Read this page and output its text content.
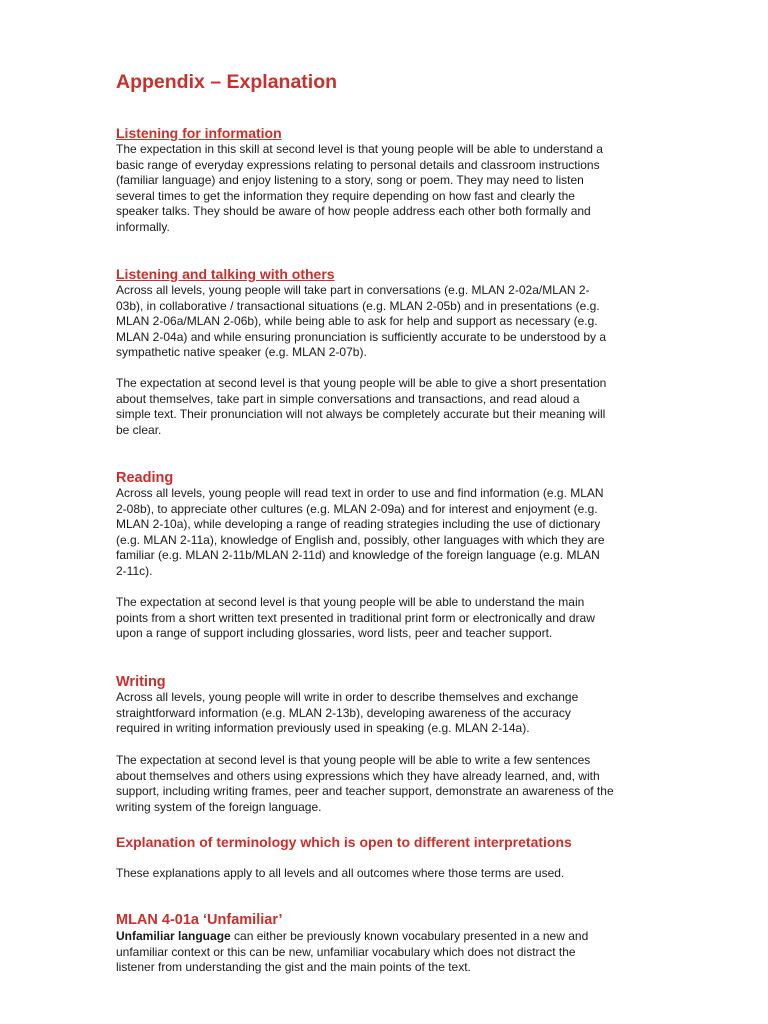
Appendix – Explanation
Listening for information

The expectation in this skill at second level is that young people will be able to understand a
basic range of everyday expressions relating to personal details and classroom instructions
(familiar language) and enjoy listening to a story, song or poem. They may need to listen
several times to get the information they require depending on how fast and clearly the
speaker talks. They should be aware of how people address each other both formally and
informally.

Listening and talking with others

Across all levels, young people will take part in conversations (e.g. MLAN 2-02a/MLAN 2-
03b), in collaborative / transactional situations (e.g. MLAN 2-05b) and in presentations (e.g.
MLAN 2-06a/MLAN 2-06b), while being able to ask for help and support as necessary (e.g.
MLAN 2-04a) and while ensuring pronunciation is sufficiently accurate to be understood by a
sympathetic native speaker (e.g. MLAN 2-07b).

The expectation at second level is that young people will be able to give a short presentation
about themselves, take part in simple conversations and transactions, and read aloud a
simple text. Their pronunciation will not always be completely accurate but their meaning will
be clear.

Reading

Across all levels, young people will read text in order to use and find information (e.g. MLAN
2-08b), to appreciate other cultures (e.g. MLAN 2-09a) and for interest and enjoyment (e.g.
MLAN 2-10a), while developing a range of reading strategies including the use of dictionary
(e.g. MLAN 2-11a), knowledge of English and, possibly, other languages with which they are
familiar (e.g. MLAN 2-11b/MLAN 2-11d) and knowledge of the foreign language (e.g. MLAN
2-11c).

The expectation at second level is that young people will be able to understand the main
points from a short written text presented in traditional print form or electronically and draw
upon a range of support including glossaries, word lists, peer and teacher support.

Writing

Across all levels, young people will write in order to describe themselves and exchange
straightforward information (e.g. MLAN 2-13b), developing awareness of the accuracy
required in writing information previously used in speaking (e.g. MLAN 2-14a).

The expectation at second level is that young people will be able to write a few sentences
about themselves and others using expressions which they have already learned, and, with
support, including writing frames, peer and teacher support, demonstrate an awareness of the
writing system of the foreign language.

Explanation of terminology which is open to different interpretations

These explanations apply to all levels and all outcomes where those terms are used.

MLAN 4-01a ‘Unfamiliar’

Unfamiliar language can either be previously known vocabulary presented in a new and
unfamiliar context or this can be new, unfamiliar vocabulary which does not distract the
listener from understanding the gist and the main points of the text.
